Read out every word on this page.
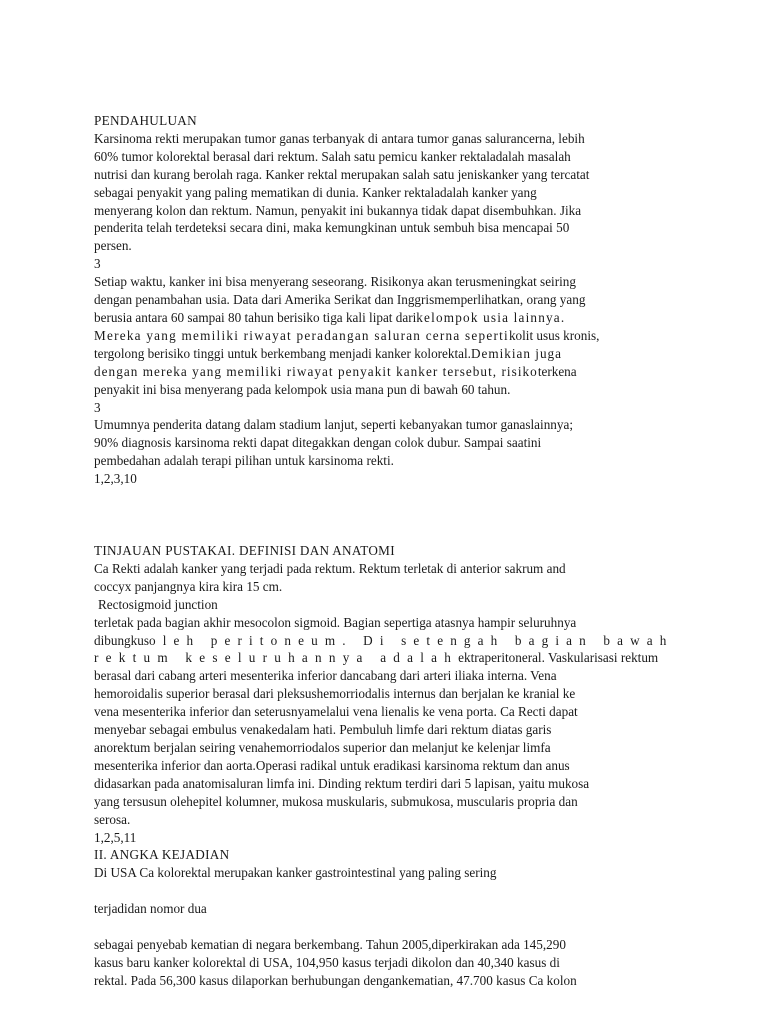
PENDAHULUAN
Karsinoma rekti merupakan tumor ganas terbanyak di antara tumor ganas salurancerna, lebih
60% tumor kolorektal berasal dari rektum. Salah satu pemicu kanker rektaladalah masalah
nutrisi dan kurang berolah raga. Kanker rektal merupakan salah satu jeniskanker yang tercatat
sebagai penyakit yang paling mematikan di dunia. Kanker rektaladalah kanker yang
menyerang kolon dan rektum. Namun, penyakit ini bukannya tidak dapat disembuhkan. Jika
penderita telah terdeteksi secara dini, maka kemungkinan untuk sembuh bisa mencapai 50
persen.
3
Setiap waktu, kanker ini bisa menyerang seseorang. Risikonya akan terusmeningkat seiring
dengan penambahan usia. Data dari Amerika Serikat dan Inggrismemperlihatkan, orang yang
berusia antara 60 sampai 80 tahun berisiko tiga kali lipat darikelompok usia lainnya.
Mereka yang memiliki riwayat peradangan saluran cerna sepertikolit usus kronis,
tergolong berisiko tinggi untuk berkembang menjadi kanker kolorektal.Demikian juga
dengan mereka yang memiliki riwayat penyakit kanker tersebut, risikoterkena
penyakit ini bisa menyerang pada kelompok usia mana pun di bawah 60 tahun.
3
Umumnya penderita datang dalam stadium lanjut, seperti kebanyakan tumor ganaslainnya;
90% diagnosis karsinoma rekti dapat ditegakkan dengan colok dubur. Sampai saatini
pembedahan adalah terapi pilihan untuk karsinoma rekti.
1,2,3,10
TINJAUAN PUSTAKAI. DEFINISI DAN ANATOMI
Ca Rekti adalah kanker yang terjadi pada rektum. Rektum terletak di anterior sakrum and
coccyx panjangnya kira kira 15 cm.
Rectosigmoid junction
terletak pada bagian akhir mesocolon sigmoid. Bagian sepertiga atasnya hampir seluruhnya
dibungkusoleh peritoneum. Di setengah bagian bawah
rektum keseluruhannya adalahektraperitoneral. Vaskularisasi rektum
berasal dari cabang arteri mesenterika inferior dancabang dari arteri iliaka interna. Vena
hemoroidalis superior berasal dari pleksushemorriodalis internus dan berjalan ke kranial ke
vena mesenterika inferior dan seterusnyamelalui vena lienalis ke vena porta. Ca Recti dapat
menyebar sebagai embulus venakedalam hati. Pembuluh limfe dari rektum diatas garis
anorektum berjalan seiring venahemorriodalos superior dan melanjut ke kelenjar limfa
mesenterika inferior dan aorta.Operasi radikal untuk eradikasi karsinoma rektum dan anus
didasarkan pada anatomisaluran limfa ini. Dinding rektum terdiri dari 5 lapisan, yaitu mukosa
yang tersusun olehepitel kolumner, mukosa muskularis, submukosa, muscularis propria dan
serosa.
1,2,5,11
II. ANGKA KEJADIAN
Di USA Ca kolorektal merupakan kanker gastrointestinal yang paling sering
terjadidan nomor dua
sebagai penyebab kematian di negara berkembang. Tahun 2005,diperkirakan ada 145,290
kasus baru kanker kolorektal di USA, 104,950 kasus terjadi dikolon dan 40,340 kasus di
rektal. Pada 56,300 kasus dilaporkan berhubungan dengankematian, 47.700 kasus Ca kolon
